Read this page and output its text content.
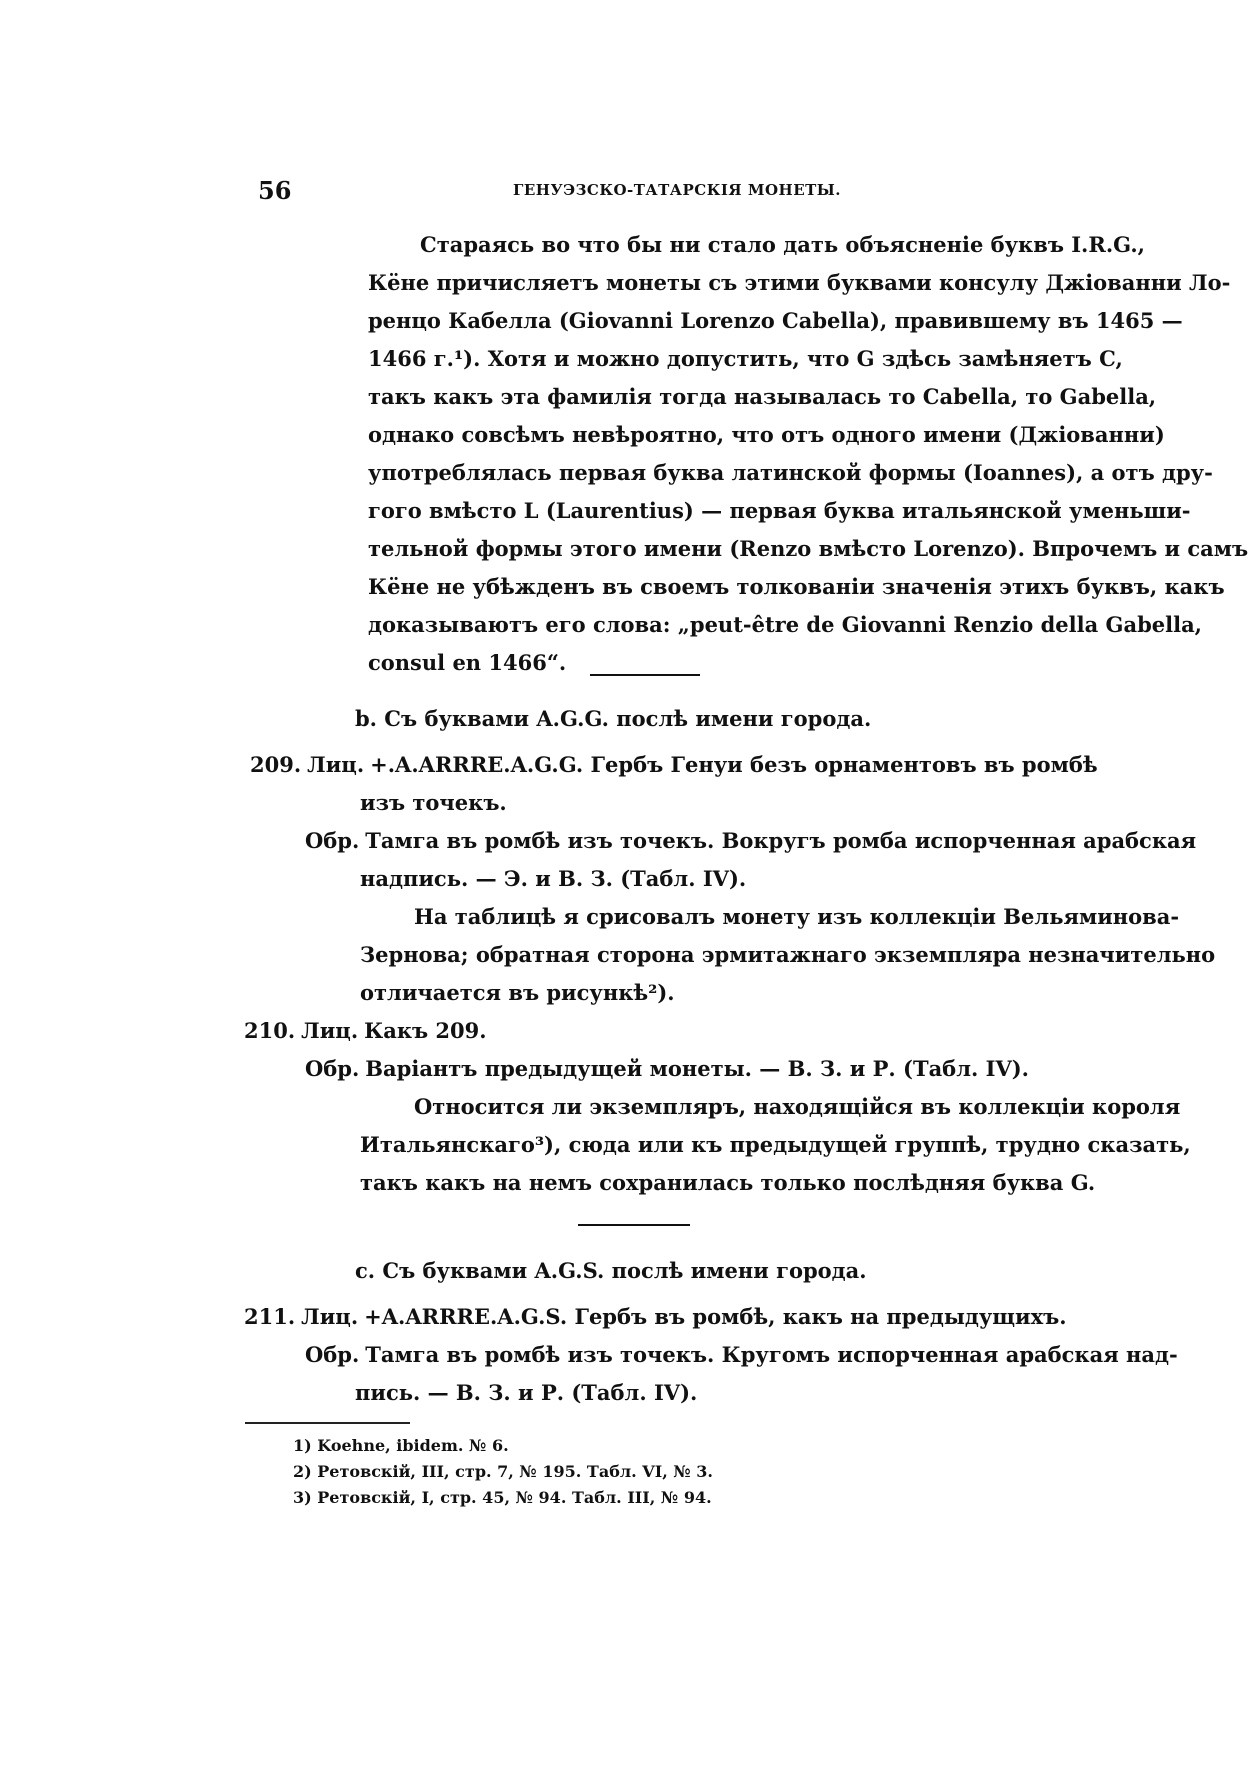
56	ГЕНУЭЗСКО-ТАТАРСКІЯ МОНЕТЫ.
Стараясь во что бы ни стало дать объясненіе буквъ I.R.G.,
Кёне причисляетъ монеты съ этими буквами консулу Джіованни Ло-
ренцо Кабелла (Giovanni Lorenzo Cabella), правившему въ 1465 —
1466 г.¹). Хотя и можно допустить, что G здѣсь замѣняетъ C,
такъ какъ эта фамилія тогда называлась то Cabella, то Gabella,
однако совсѣмъ невѣроятно, что отъ одного имени (Джіованни)
употреблялась первая буква латинской формы (Ioannes), а отъ дру-
гого вмѣсто L (Laurentius) — первая буква итальянской уменьши-
тельной формы этого имени (Renzo вмѣсто Lorenzo). Впрочемъ и самъ
Кёне не убѣжденъ въ своемъ толкованіи значенія этихъ буквъ, какъ
доказываютъ его слова: „peut-être de Giovanni Renzio della Gabella,
consul en 1466“.
b. Съ буквами A.G.G. послѣ имени города.
209. Лиц. +.A.ARRRE.A.G.G. Гербъ Генуи безъ орнаментовъ въ ромбѣ
изъ точекъ.
Обр. Тамга въ ромбѣ изъ точекъ. Вокругъ ромба испорченная арабская
надпись. — Э. и В. З. (Табл. IV).
На таблицѣ я срисовалъ монету изъ коллекціи Вельяминова-
Зернова; обратная сторона эрмитажнаго экземпляра незначительно
отличается въ рисункѣ²).
210. Лиц. Какъ 209.
Обр. Варіантъ предыдущей монеты. — В. З. и Р. (Табл. IV).
Относится ли экземпляръ, находящійся въ коллекціи короля
Итальянскаго³), сюда или къ предыдущей группѣ, трудно сказать,
такъ какъ на немъ сохранилась только послѣдняя буква G.
c. Съ буквами A.G.S. послѣ имени города.
211. Лиц. +A.ARRRE.A.G.S. Гербъ въ ромбѣ, какъ на предыдущихъ.
Обр. Тамга въ ромбѣ изъ точекъ. Кругомъ испорченная арабская над-
пись. — В. З. и Р. (Табл. IV).
1) Koehne, ibidem. № 6.
2) Ретовскій, III, стр. 7, № 195. Табл. VI, № 3.
3) Ретовскій, I, стр. 45, № 94. Табл. III, № 94.
